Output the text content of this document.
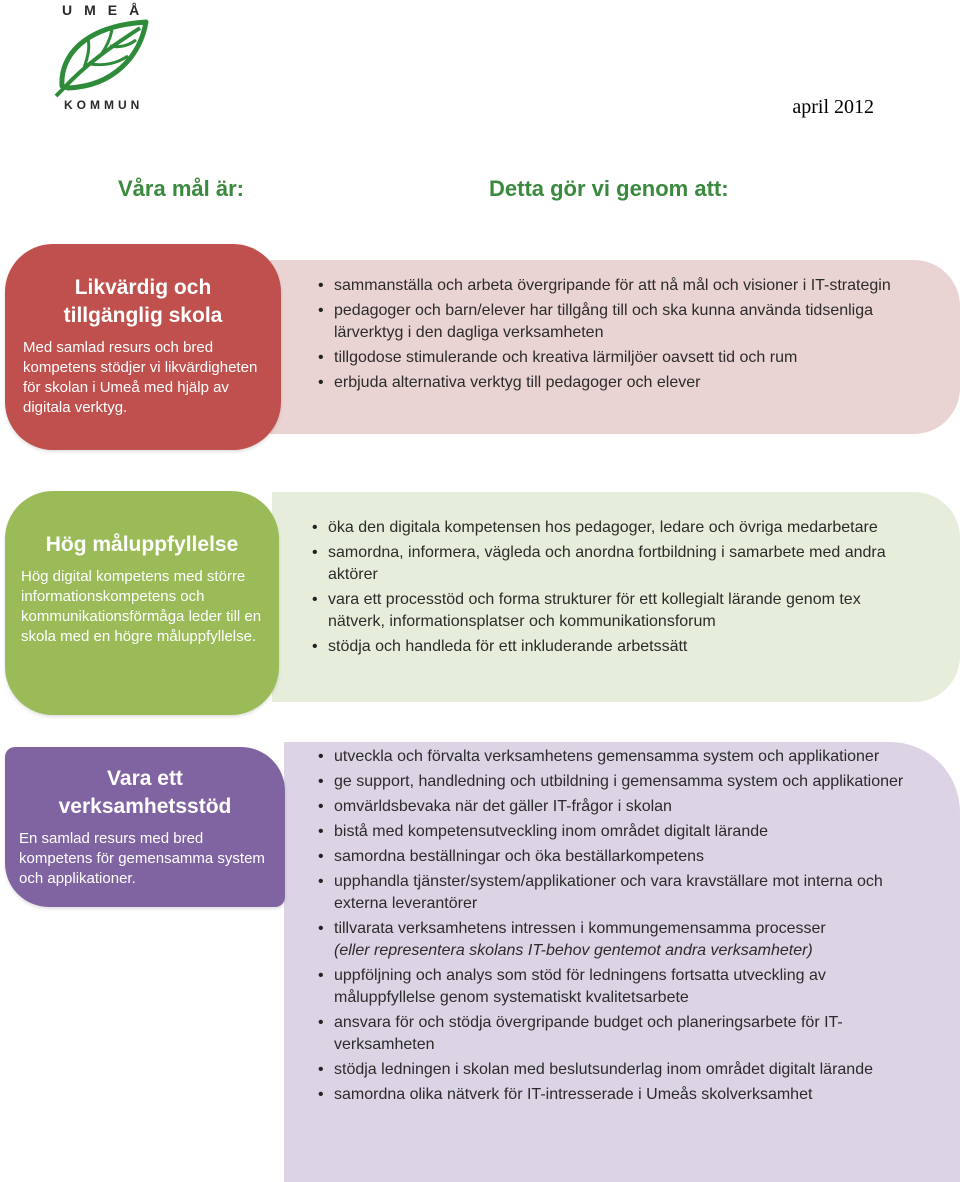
UMEÅ
KOMMUN	april 2012
Våra mål är:	Detta gör vi genom att:
• sammanställa och arbeta övergripande för att nå mål och visioner i IT-strategin
• pedagoger och barn/elever har tillgång till och ska kunna använda tidsenliga lärverktyg i den dagliga verksamheten
• tillgodose stimulerande och kreativa lärmiljöer oavsett tid och rum
• erbjuda alternativa verktyg till pedagoger och elever
Likvärdig och tillgänglig skola
Med samlad resurs och bred kompetens stödjer vi likvärdigheten för skolan i Umeå med hjälp av digitala verktyg.
• öka den digitala kompetensen hos pedagoger, ledare och övriga medarbetare
• samordna, informera, vägleda och anordna fortbildning i samarbete med andra aktörer
• vara ett processtöd och forma strukturer för ett kollegialt lärande genom tex nätverk, informationsplatser och kommunikationsforum
• stödja och handleda för ett inkluderande arbetssätt
Hög måluppfyllelse
Hög digital kompetens med större informationskompetens och kommunikationsförmåga leder till en skola med en högre måluppfyllelse.
• utveckla och förvalta verksamhetens gemensamma system och applikationer
• ge support, handledning och utbildning i gemensamma system och applikationer
• omvärldsbevaka när det gäller IT-frågor i skolan
• bistå med kompetensutveckling inom området digitalt lärande
• samordna beställningar och öka beställarkompetens
• upphandla tjänster/system/applikationer och vara kravställare mot interna och externa leverantörer
• tillvarata verksamhetens intressen i kommungemensamma processer
(eller representera skolans IT-behov gentemot andra verksamheter)
• uppföljning och analys som stöd för ledningens fortsatta utveckling av måluppfyllelse genom systematiskt kvalitetsarbete
• ansvara för och stödja övergripande budget och planeringsarbete för IT-verksamheten
• stödja ledningen i skolan med beslutsunderlag inom området digitalt lärande
• samordna olika nätverk för IT-intresserade i Umeås skolverksamhet
Vara ett verksamhetsstöd
En samlad resurs med bred kompetens för gemensamma system och applikationer.
